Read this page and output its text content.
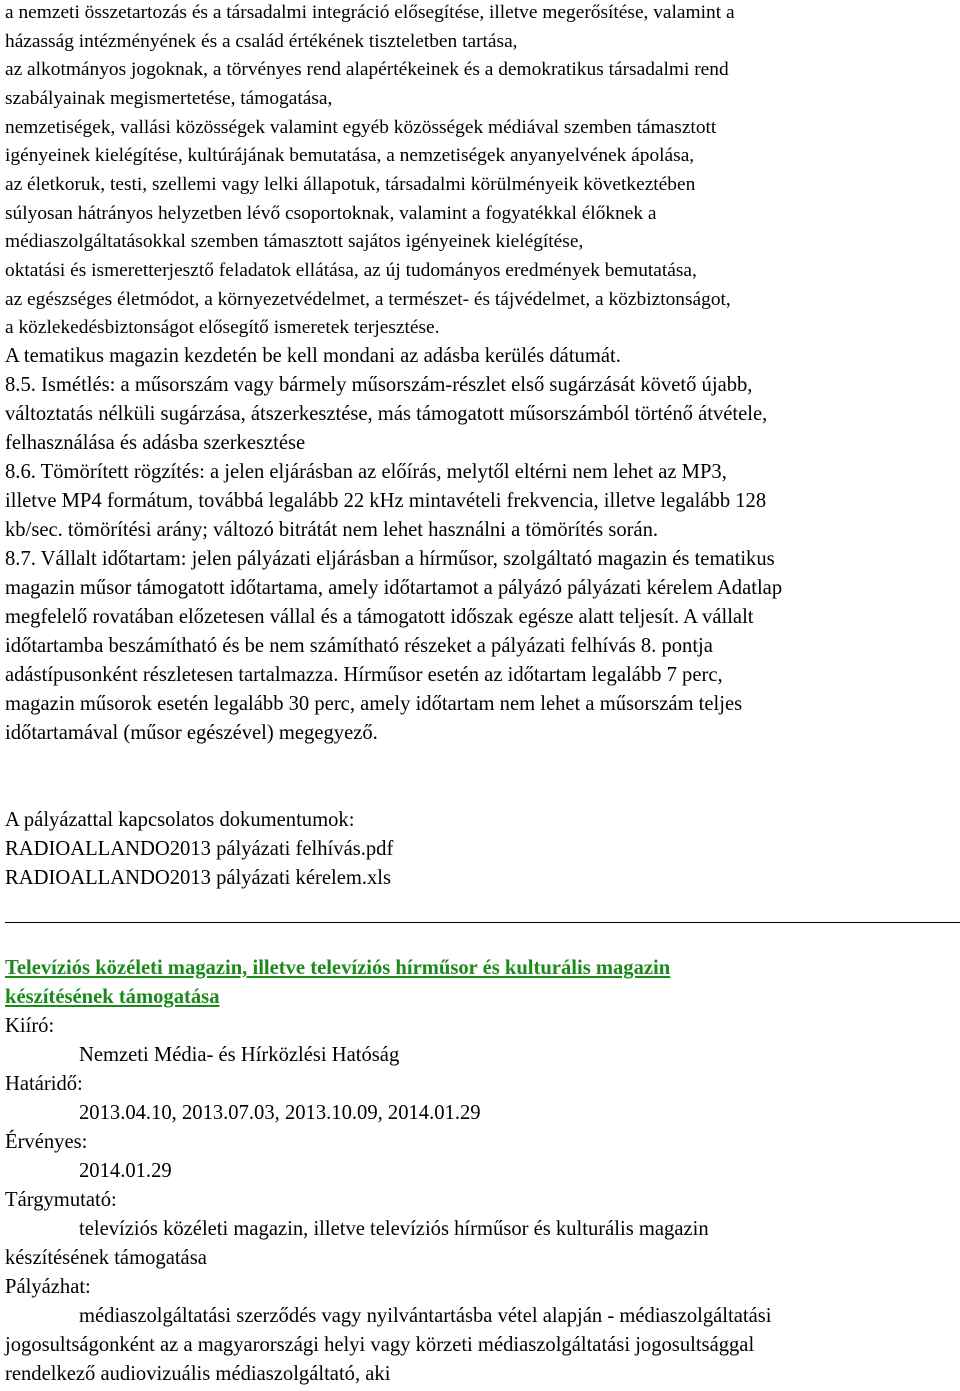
a nemzeti összetartozás és a társadalmi integráció elősegítése, illetve megerősítése, valamint a
házasság intézményének és a család értékének tiszteletben tartása,
az alkotmányos jogoknak, a törvényes rend alapértékeinek és a demokratikus társadalmi rend
szabályainak megismertetése, támogatása,
nemzetiségek, vallási közösségek valamint egyéb közösségek médiával szemben támasztott
igényeinek kielégítése, kultúrájának bemutatása, a nemzetiségek anyanyelvének ápolása,
az életkoruk, testi, szellemi vagy lelki állapotuk, társadalmi körülményeik következtében
súlyosan hátrányos helyzetben lévő csoportoknak, valamint a fogyatékkal élőknek a
médiaszolgáltatásokkal szemben támasztott sajátos igényeinek kielégítése,
oktatási és ismeretterjesztő feladatok ellátása, az új tudományos eredmények bemutatása,
az egészséges életmódot, a környezetvédelmet, a természet- és tájvédelmet, a közbiztonságot,
a közlekedésbiztonságot elősegítő ismeretek terjesztése.
A tematikus magazin kezdetén be kell mondani az adásba kerülés dátumát.
8.5. Ismétlés: a műsorszám vagy bármely műsorszám-részlet első sugárzását követő újabb,
változtatás nélküli sugárzása, átszerkesztése, más támogatott műsorszámból történő átvétele,
felhasználása és adásba szerkesztése
8.6. Tömörített rögzítés: a jelen eljárásban az előírás, melytől eltérni nem lehet az MP3,
illetve MP4 formátum, továbbá legalább 22 kHz mintavételi frekvencia, illetve legalább 128
kb/sec. tömörítési arány; változó bitrátát nem lehet használni a tömörítés során.
8.7. Vállalt időtartam: jelen pályázati eljárásban a hírműsor, szolgáltató magazin és tematikus
magazin műsor támogatott időtartama, amely időtartamot a pályázó pályázati kérelem Adatlap
megfelelő rovatában előzetesen vállal és a támogatott időszak egésze alatt teljesít. A vállalt
időtartamba beszámítható és be nem számítható részeket a pályázati felhívás 8. pontja
adástípusonként részletesen tartalmazza. Hírműsor esetén az időtartam legalább 7 perc,
magazin műsorok esetén legalább 30 perc, amely időtartam nem lehet a műsorszám teljes
időtartamával (műsor egészével) megegyező.
A pályázattal kapcsolatos dokumentumok:
RADIOALLANDO2013 pályázati felhívás.pdf
RADIOALLANDO2013 pályázati kérelem.xls
Televíziós közéleti magazin, illetve televíziós hírműsor és kulturális magazin
készítésének támogatása
Kiíró:
Nemzeti Média- és Hírközlési Hatóság
Határidő:
2013.04.10, 2013.07.03, 2013.10.09, 2014.01.29
Érvényes:
2014.01.29
Tárgymutató:
televíziós közéleti magazin, illetve televíziós hírműsor és kulturális magazin
készítésének támogatása
Pályázhat:
médiaszolgáltatási szerződés vagy nyilvántartásba vétel alapján - médiaszolgáltatási
jogosultságonként az a magyarországi helyi vagy körzeti médiaszolgáltatási jogosultsággal
rendelkező audiovizuális médiaszolgáltató, aki
